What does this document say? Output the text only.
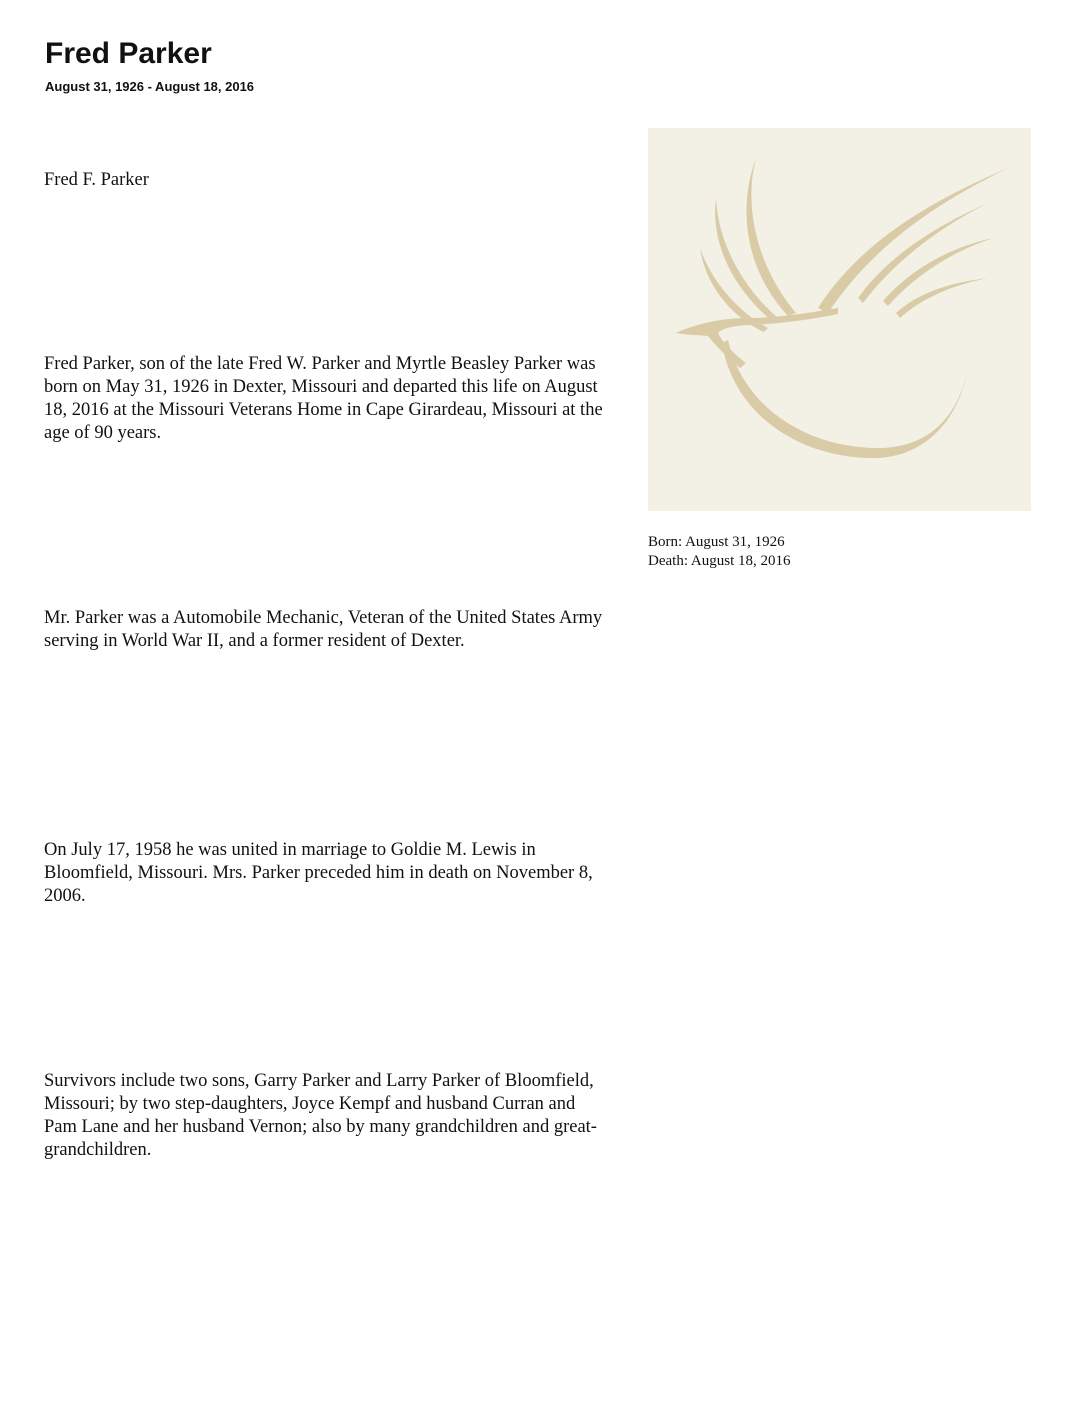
Fred Parker

August 31, 1926 - August 18, 2016

Fred F. Parker

Fred Parker, son of the late Fred W. Parker and Myrtle Beasley Parker was born on May 31, 1926 in Dexter, Missouri and departed this life on August 18, 2016 at the Missouri Veterans Home in Cape Girardeau, Missouri at the age of 90 years.

Mr. Parker was a Automobile Mechanic, Veteran of the United States Army serving in World War II, and a former resident of Dexter.

On July 17, 1958 he was united in marriage to Goldie M. Lewis in Bloomfield, Missouri. Mrs. Parker preceded him in death on November 8, 2006.

Survivors include two sons, Garry Parker and Larry Parker of Bloomfield, Missouri; by two step-daughters, Joyce Kempf and husband Curran and Pam Lane and her husband Vernon; also by many grandchildren and great-grandchildren.

Born: August 31, 1926
Death: August 18, 2016
